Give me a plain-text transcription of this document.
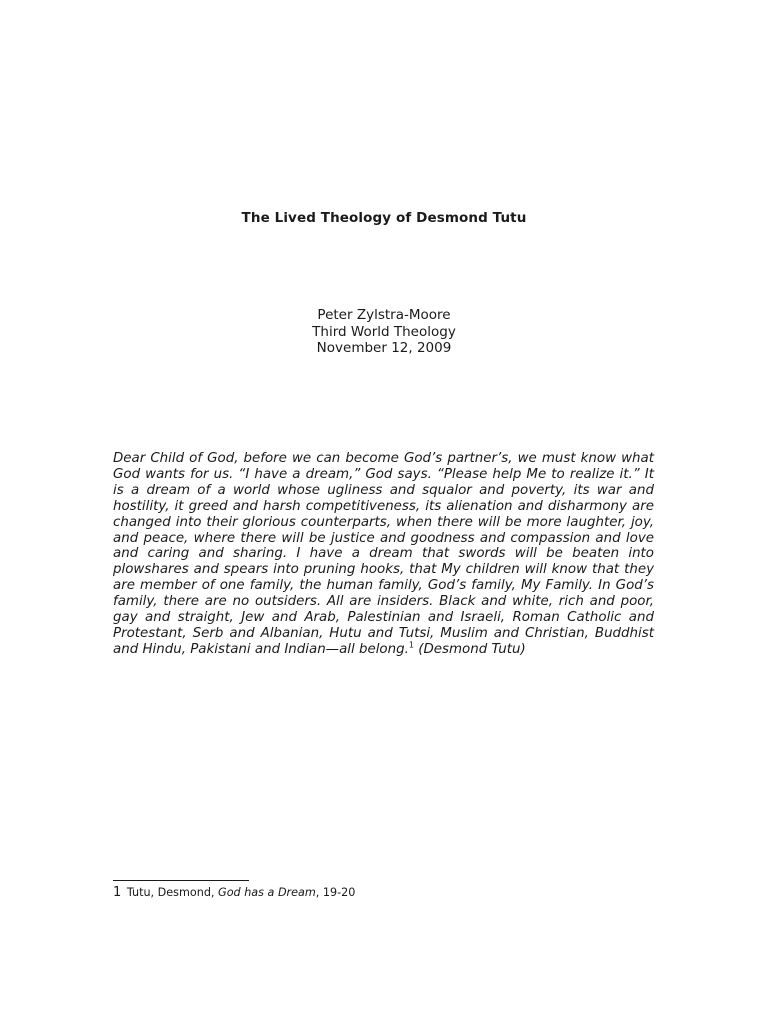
The Lived Theology of Desmond Tutu
Peter Zylstra-Moore
Third World Theology
November 12, 2009

Dear Child of God, before we can become God’s partner’s, we must know what God wants for us. “I have a dream,” God says. “Please help Me to realize it.” It is a dream of a world whose ugliness and squalor and poverty, its war and hostility, it greed and harsh competitiveness, its alienation and disharmony are changed into their glorious counterparts, when there will be more laughter, joy, and peace, where there will be justice and goodness and compassion and love and caring and sharing. I have a dream that swords will be beaten into plowshares and spears into pruning hooks, that My children will know that they are member of one family, the human family, God’s family, My Family. In God’s family, there are no outsiders. All are insiders. Black and white, rich and poor, gay and straight, Jew and Arab, Palestinian and Israeli, Roman Catholic and Protestant, Serb and Albanian, Hutu and Tutsi, Muslim and Christian, Buddhist and Hindu, Pakistani and Indian—all belong.$^1$ (Desmond Tutu)

1 Tutu, Desmond, God has a Dream, 19-20
